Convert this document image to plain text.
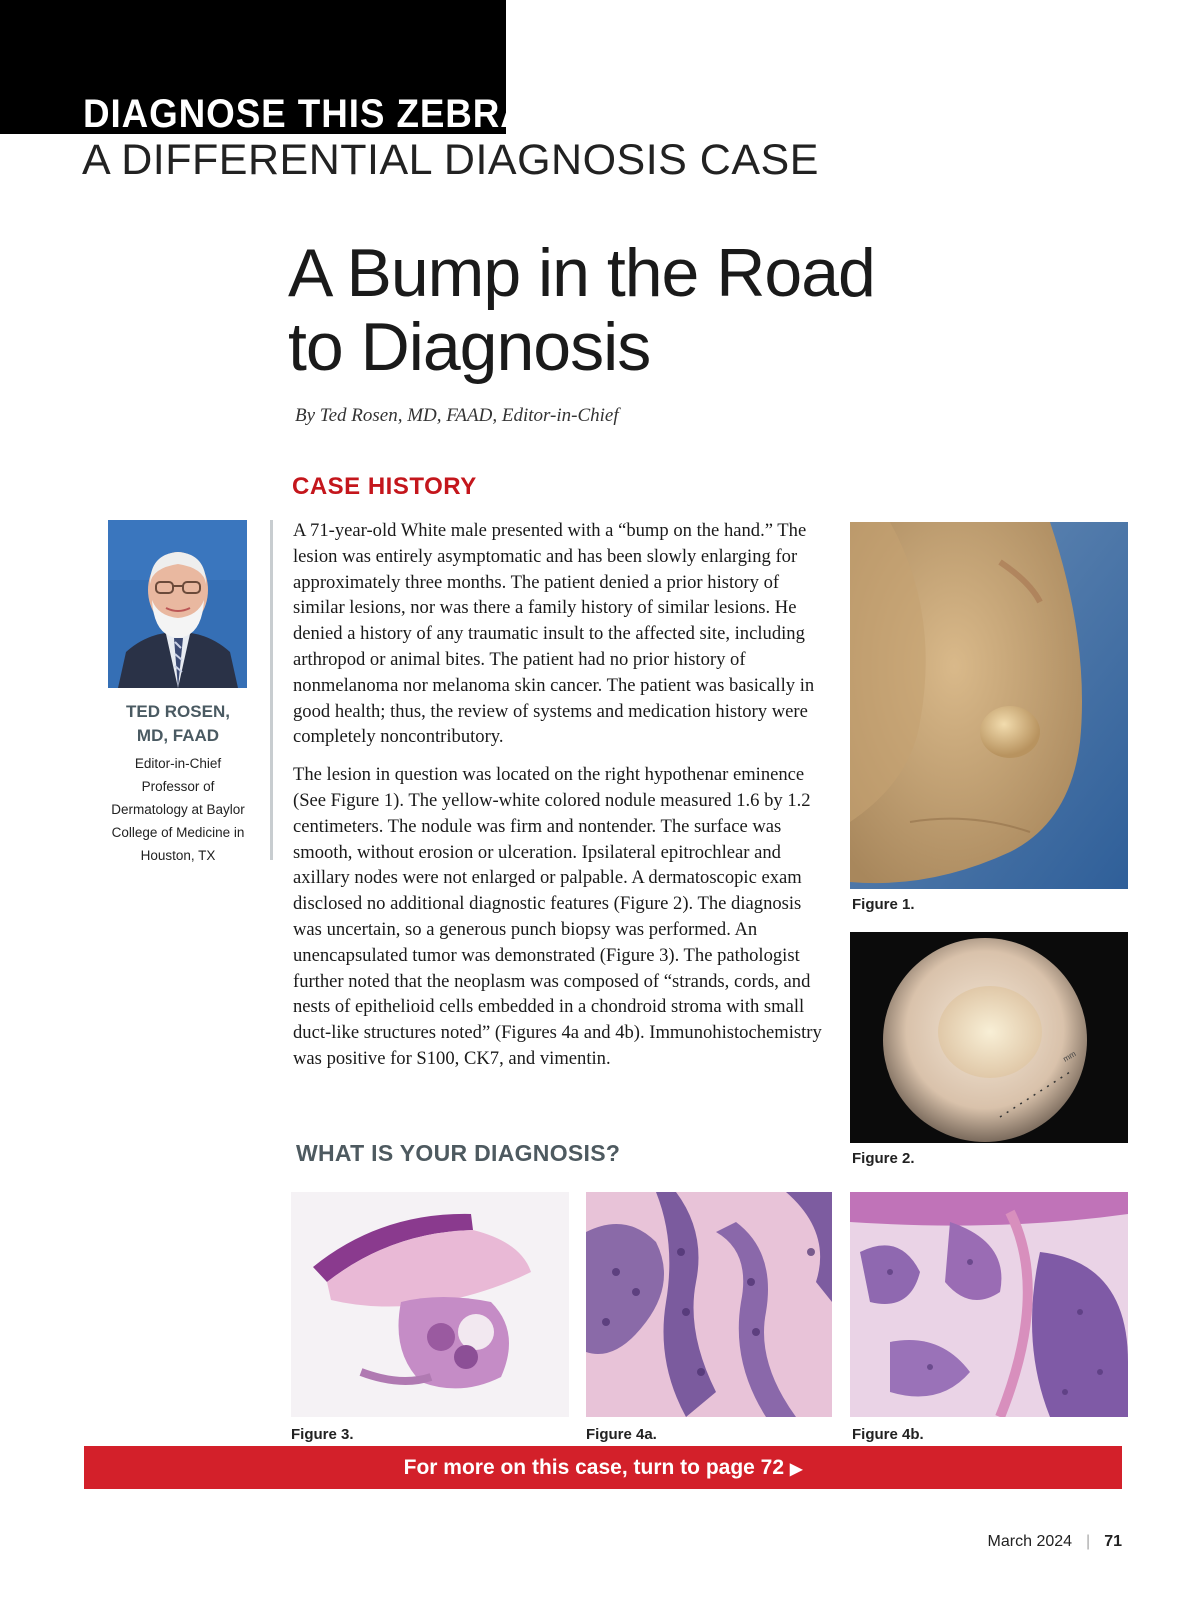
DIAGNOSE THIS ZEBRA
A DIFFERENTIAL DIAGNOSIS CASE
A Bump in the Road
to Diagnosis
By Ted Rosen, MD, FAAD, Editor-in-Chief
CASE HISTORY

TED ROSEN,
MD, FAAD

Editor-in-Chief
Professor of
Dermatology at Baylor
College of Medicine in
Houston, TX

A 71-year-old White male presented with a “bump on the hand.” The lesion was entirely asymptomatic and has been slowly enlarging for approximately three months. The patient denied a prior history of similar lesions, nor was there a family history of similar lesions. He denied a history of any traumatic insult to the affected site, including arthropod or animal bites. The patient had no prior history of nonmelanoma nor melanoma skin cancer. The patient was basically in good health; thus, the review of systems and medication history were completely noncontributory.

The lesion in question was located on the right hypothenar eminence (See Figure 1). The yellow-white colored nodule measured 1.6 by 1.2 centimeters. The nodule was firm and nontender. The surface was smooth, without erosion or ulceration. Ipsilateral epitrochlear and axillary nodes were not enlarged or palpable. A dermatoscopic exam disclosed no additional diagnostic features (Figure 2). The diagnosis was uncertain, so a generous punch biopsy was performed. An unencapsulated tumor was demonstrated (Figure 3). The pathologist further noted that the neoplasm was composed of “strands, cords, and nests of epithelioid cells embedded in a chondroid stroma with small duct-like structures noted” (Figures 4a and 4b). Immunohistochemistry was positive for S100, CK7, and vimentin.

WHAT IS YOUR DIAGNOSIS?
Figure 1.
mm
Figure 2.
Figure 3.	Figure 4a.	Figure 4b.
For more on this case, turn to page 72 ▶
March 2024 | 71
